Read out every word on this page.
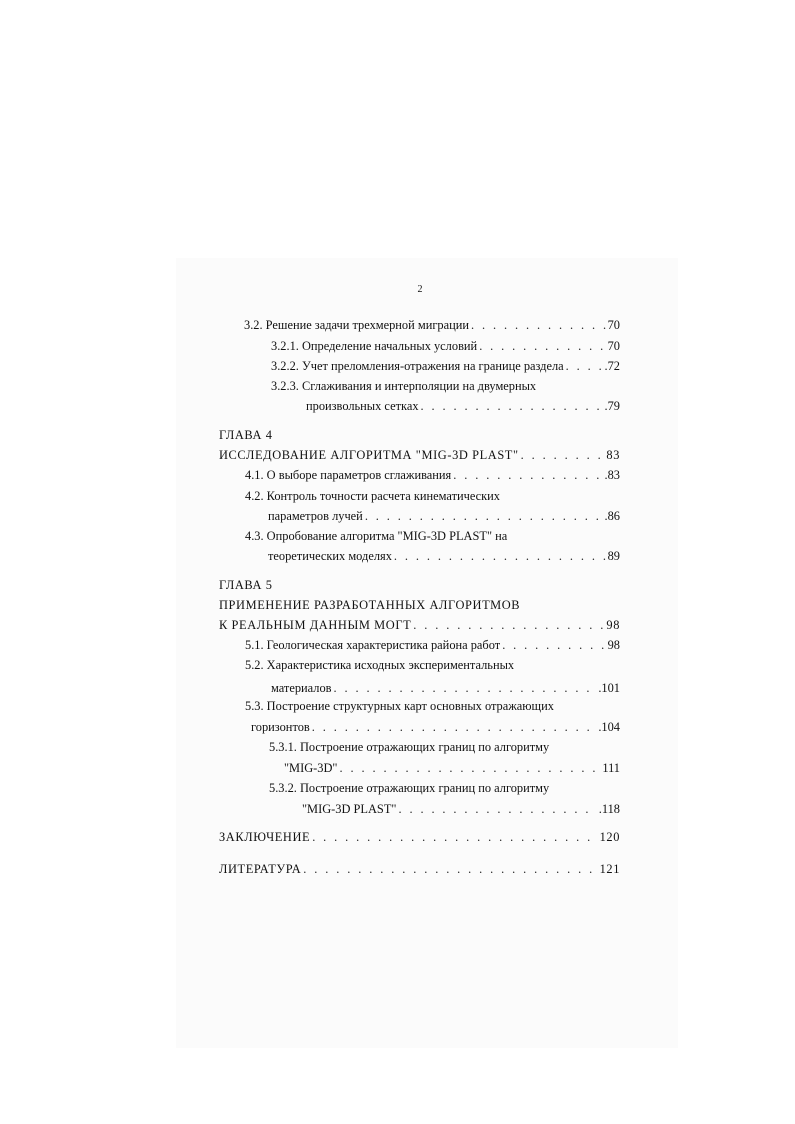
2
3.2. Решение задачи трехмерной миграции . . .	70
3.2.1. Определение начальных условий . . .	70
3.2.2. Учет преломления-отражения на границе раздела . . .	.72
3.2.3. Сглаживания и интерполяции на двумерных
произвольных сетках . . .	.79
ГЛАВА 4
ИССЛЕДОВАНИЕ АЛГОРИТМА "MIG-3D PLAST" . . .	83
4.1. О выборе параметров сглаживания . . .	.83
4.2. Контроль точности расчета кинематических
параметров лучей . . .	.86
4.3. Опробование алгоритма "MIG-3D PLAST" на
теоретических моделях . . .	89
ГЛАВА 5
ПРИМЕНЕНИЕ РАЗРАБОТАННЫХ АЛГОРИТМОВ
К РЕАЛЬНЫМ ДАННЫМ МОГТ . . .	98
5.1. Геологическая характеристика района работ . . .	98
5.2. Характеристика исходных экспериментальных
материалов . . .	.101
5.3. Построение структурных карт основных отражающих
горизонтов . . .	.104
5.3.1. Построение отражающих границ по алгоритму
"MIG-3D" . . .	111
5.3.2. Построение отражающих границ по алгоритму
"MIG-3D PLAST" . . .	.118
ЗАКЛЮЧЕНИЕ . . .	120
ЛИТЕРАТУРА . . .	121
